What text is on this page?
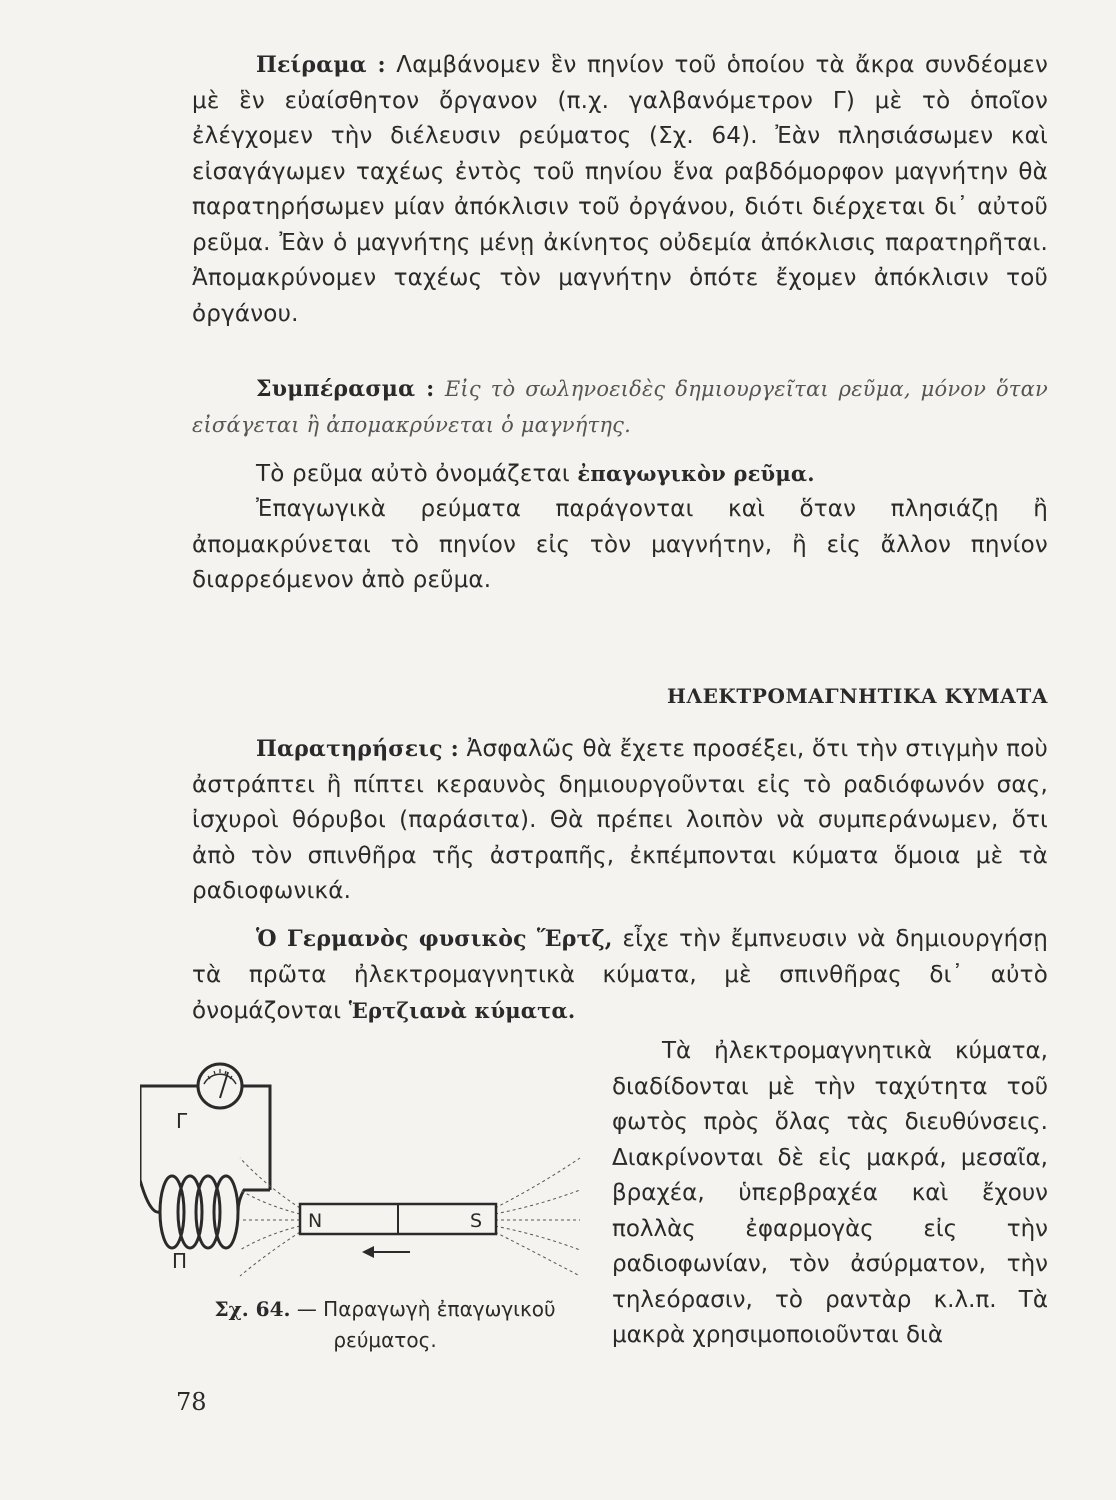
Πείραμα : Λαμβάνομεν ἓν πηνίον τοῦ ὁποίου τὰ ἄκρα συνδέομεν μὲ ἓν εὐαίσθητον ὄργανον (π.χ. γαλβανόμετρον Γ) μὲ τὸ ὁποῖον ἐλέγχομεν τὴν διέλευσιν ρεύματος (Σχ. 64). Ἐὰν πλησιάσωμεν καὶ εἰσαγάγωμεν ταχέως ἐντὸς τοῦ πηνίου ἕνα ραβδόμορφον μαγνήτην θὰ παρατηρήσωμεν μίαν ἀπόκλισιν τοῦ ὀργάνου, διότι διέρχεται δι᾽ αὐτοῦ ρεῦμα. Ἐὰν ὁ μαγνήτης μένῃ ἀκίνητος οὐδεμία ἀπόκλισις παρατηρῆται. Ἀπομακρύνομεν ταχέως τὸν μαγνήτην ὁπότε ἔχομεν ἀπόκλισιν τοῦ ὀργάνου.

Συμπέρασμα : Εἰς τὸ σωληνοειδὲς δημιουργεῖται ρεῦμα, μόνον ὅταν εἰσάγεται ἢ ἀπομακρύνεται ὁ μαγνήτης.

Τὸ ρεῦμα αὐτὸ ὀνομάζεται ἐπαγωγικὸν ρεῦμα.

Ἐπαγωγικὰ ρεύματα παράγονται καὶ ὅταν πλησιάζῃ ἢ ἀπομακρύνεται τὸ πηνίον εἰς τὸν μαγνήτην, ἢ εἰς ἄλλον πηνίον διαρρεόμενον ἀπὸ ρεῦμα.

ΗΛΕΚΤΡΟΜΑΓΝΗΤΙΚΑ ΚΥΜΑΤΑ

Παρατηρήσεις : Ἀσφαλῶς θὰ ἔχετε προσέξει, ὅτι τὴν στιγμὴν ποὺ ἀστράπτει ἢ πίπτει κεραυνὸς δημιουργοῦνται εἰς τὸ ραδιόφωνόν σας, ἰσχυροὶ θόρυβοι (παράσιτα). Θὰ πρέπει λοιπὸν νὰ συμπεράνωμεν, ὅτι ἀπὸ τὸν σπινθῆρα τῆς ἀστραπῆς, ἐκπέμπονται κύματα ὅμοια μὲ τὰ ραδιοφωνικά.

Ὁ Γερμανὸς φυσικὸς Ἕρτζ, εἶχε τὴν ἔμπνευσιν νὰ δημιουργήσῃ τὰ πρῶτα ἠλεκτρομαγνητικὰ κύματα, μὲ σπινθῆρας δι᾽ αὐτὸ ὀνομάζονται Ἑρτζιανὰ κύματα.

Τὰ ἠλεκτρομαγνητικὰ κύματα, διαδίδονται μὲ τὴν ταχύτητα τοῦ φωτὸς πρὸς ὅλας τὰς διευθύνσεις. Διακρίνονται δὲ εἰς μακρά, μεσαῖα, βραχέα, ὑπερβραχέα καὶ ἔχουν πολλὰς ἐφαρμογὰς εἰς τὴν ραδιοφωνίαν, τὸν ἀσύρματον, τὴν τηλεόρασιν, τὸ ραντὰρ κ.λ.π. Τὰ μακρὰ χρησιμοποιοῦνται διὰ

Γ
Π
N	S

Σχ. 64. — Παραγωγὴ ἐπαγωγικοῦ ρεύματος.

78
